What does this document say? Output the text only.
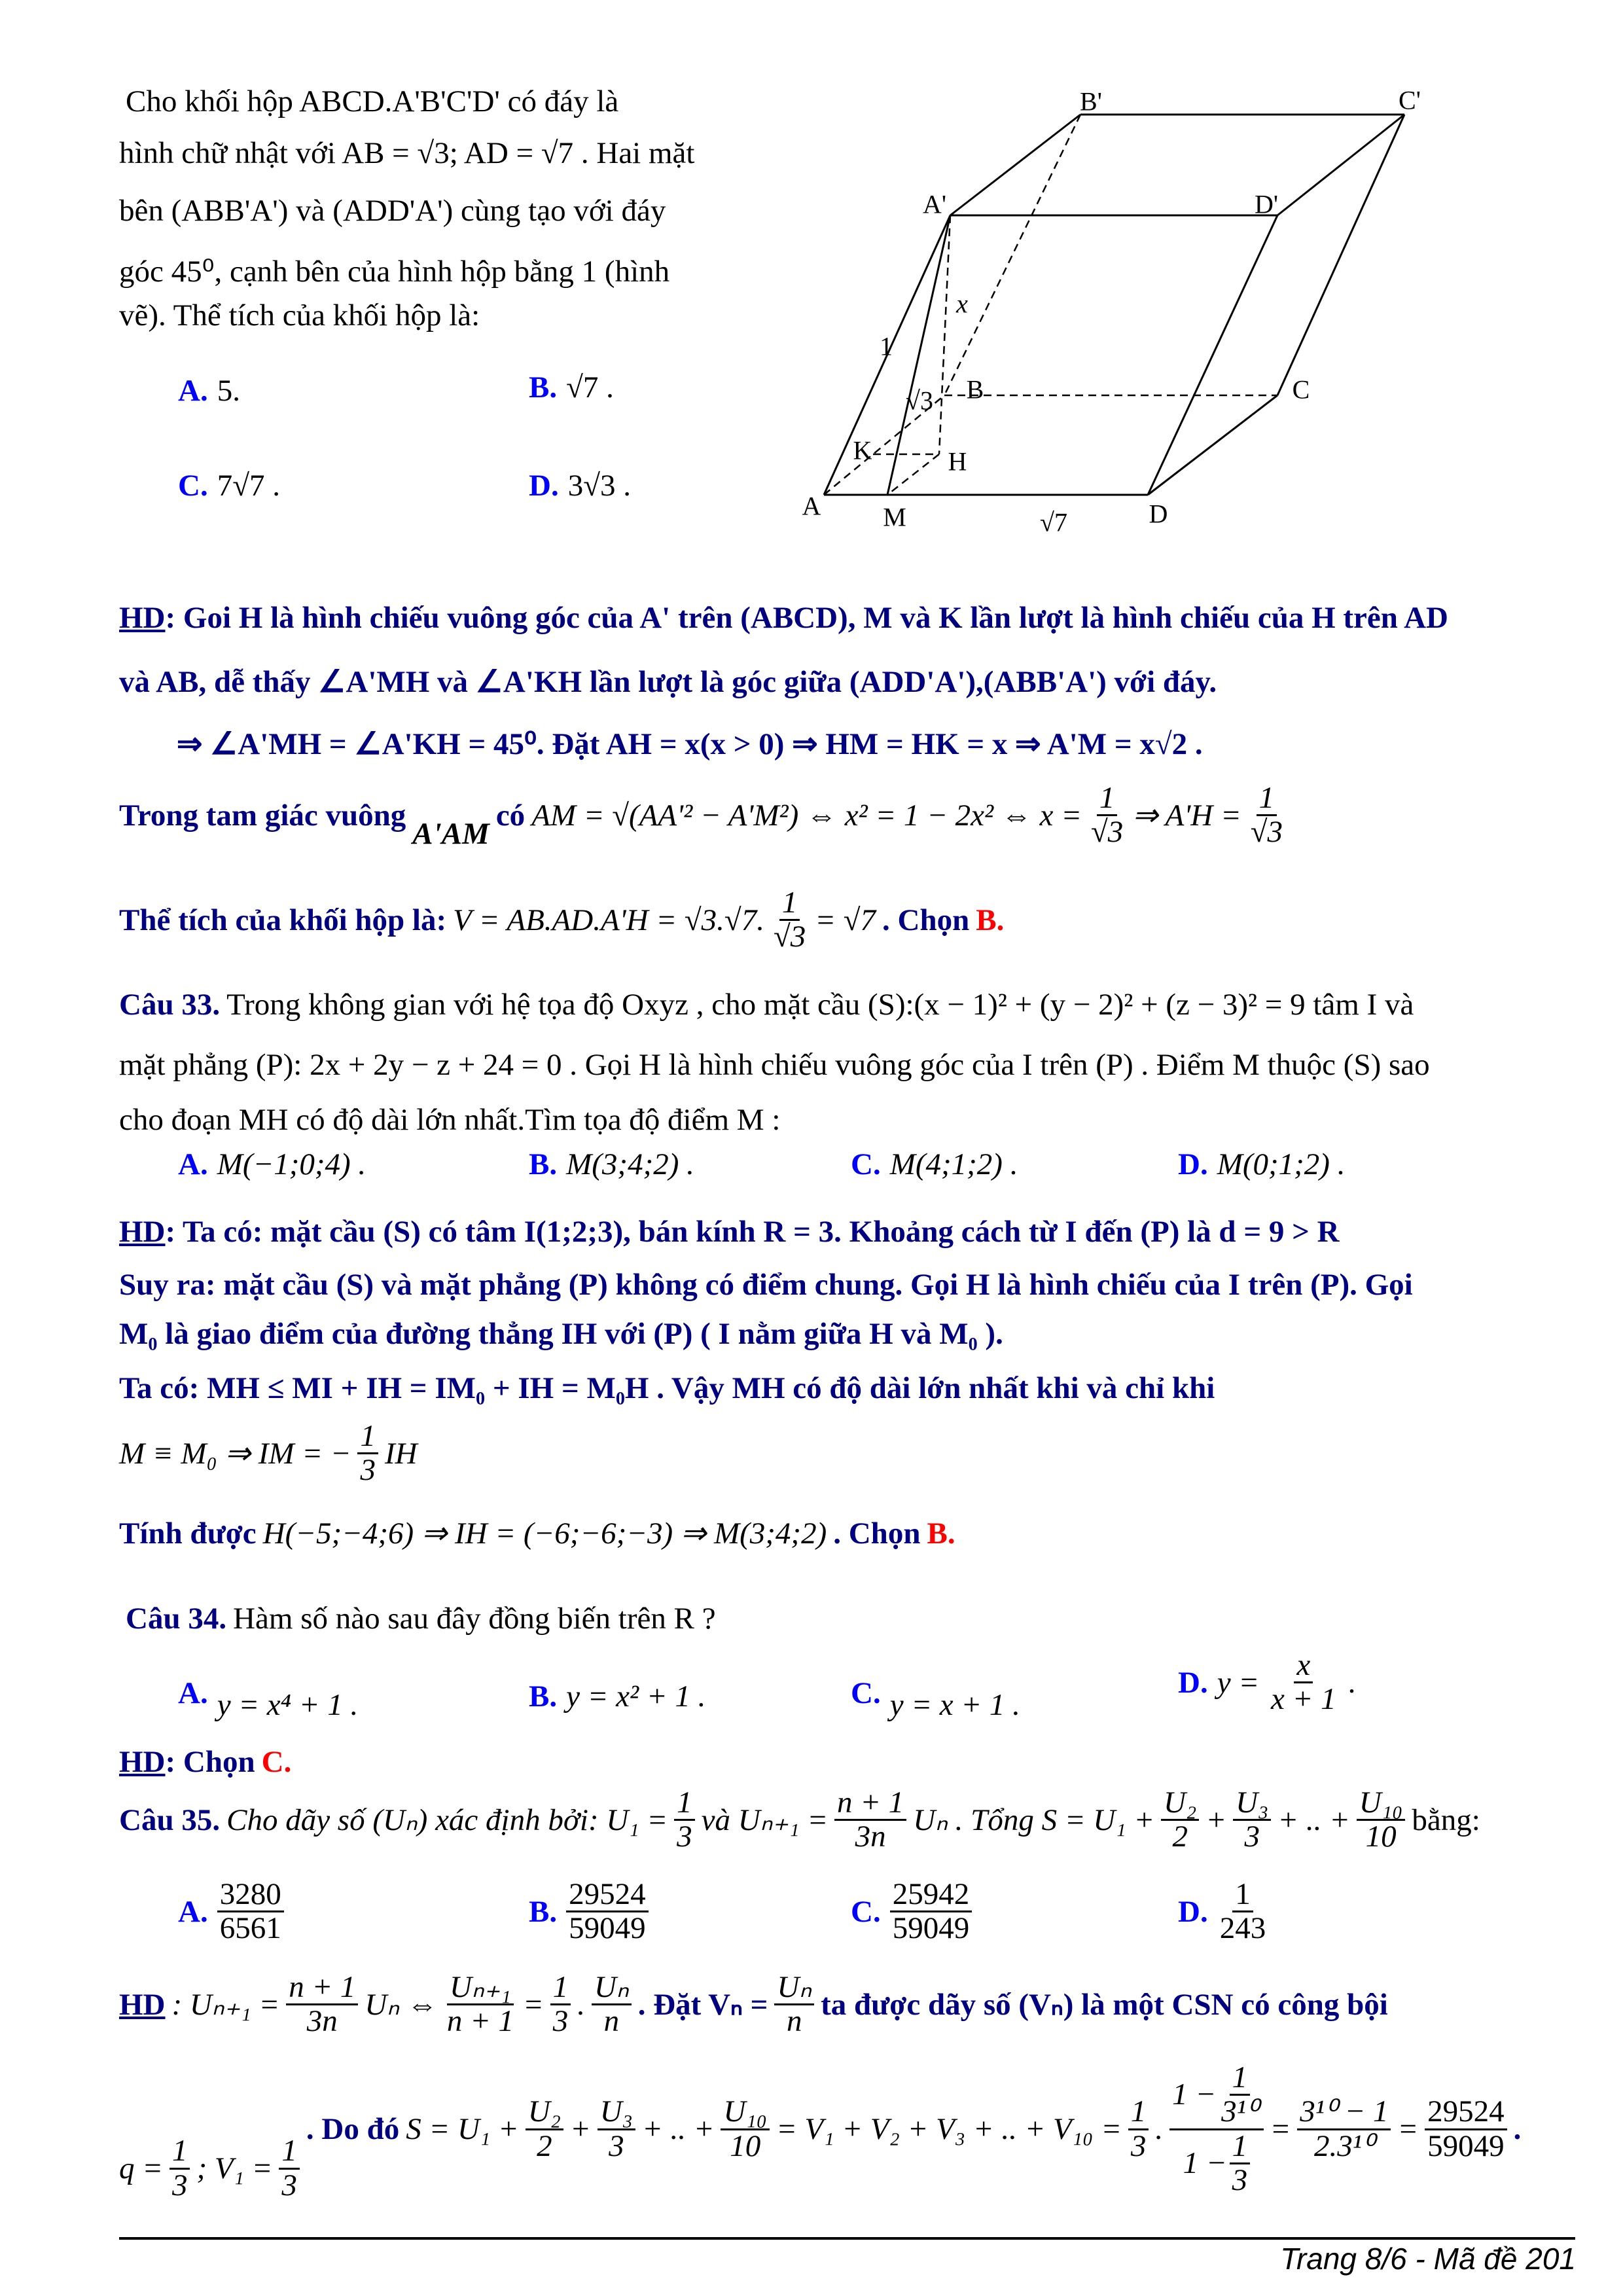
Cho khối hộp ABCD.A'B'C'D' có đáy là
hình chữ nhật với AB = √3; AD = √7 . Hai mặt
bên (ABB'A') và (ADD'A') cùng tạo với đáy
góc 45⁰, cạnh bên của hình hộp bằng 1 (hình
vẽ). Thể tích của khối hộp là:
A. 5.	B. √7 .
C. 7√7 .	D. 3√3 .
A'
B'	C'
D'
B	C
H
K
A M	D
√7
√3
x
1
HD: Goi H là hình chiếu vuông góc của A' trên (ABCD), M và K lần lượt là hình chiếu của H trên AD
và AB, dễ thấy ∠A'MH và ∠A'KH lần lượt là góc giữa (ADD'A'),(ABB'A') với đáy.
⇒ ∠A'MH = ∠A'KH = 45⁰. Đặt AH = x(x > 0) ⇒ HM = HK = x ⇒ A'M = x√2 .
Trong tam giác vuông
A'AM
có AM = √(AA'² − A'M²) ⇔ x² = 1 − 2x² ⇔ $x = \frac{1}{√3}$ ⇒ $A'H = \frac{1}{√3}$
Thể tích của khối hộp là: V = AB.AD.A'H = √3.√7. $\frac{1}{√3} = √7$ . Chọn B.
Câu 33. Trong không gian với hệ tọa độ Oxyz , cho mặt cầu (S):(x − 1)² + (y − 2)² + (z − 3)² = 9 tâm I và
mặt phẳng (P): 2x + 2y − z + 24 = 0 . Gọi H là hình chiếu vuông góc của I trên (P) . Điểm M thuộc (S) sao
cho đoạn MH có độ dài lớn nhất.Tìm tọa độ điểm M :
A. M(−1;0;4) .	B. M(3;4;2) .	C. M(4;1;2) .	D. M(0;1;2) .
HD: Ta có: mặt cầu (S) có tâm I(1;2;3), bán kính R = 3. Khoảng cách từ I đến (P) là d = 9 > R
Suy ra: mặt cầu (S) và mặt phẳng (P) không có điểm chung. Gọi H là hình chiếu của I trên (P). Gọi
M₀ là giao điểm của đường thẳng IH với (P) ( I nằm giữa H và M₀ ).
Ta có: MH ≤ MI + IH = IM₀ + IH = M₀H . Vậy MH có độ dài lớn nhất khi và chỉ khi
M ≡ M₀ ⇒ IM = − $\frac{1}{3}$ IH
Tính được H(−5;−4;6) ⇒ IH = (−6;−6;−3) ⇒ M(3;4;2) . Chọn B.
Câu 34. Hàm số nào sau đây đồng biến trên R ?
A. y = x⁴ + 1 .	B. y = x² + 1 .	C. y = x + 1 .
D. $y = \frac{x}{x + 1}$ .
HD: Chọn C.
Câu 35. Cho dãy số (Uₙ) xác định bởi: $U_1 = \frac{1}{3}$ và $U_{n+1} = \frac{n + 1}{3n}$ Uₙ . Tổng $S = U_1 + \frac{\text{U₂}}{2} + \frac{\text{U₃}}{3}$ + .. + $\frac{\text{U₁₀}}{10}$ bằng:
A.
3280
6561	B.
29524
59049	C.
25942
59049	D.
1
243
HD : $U_{n+1} = \frac{n + 1}{3n}$ Uₙ ⇔ $\frac{\text{Uₙ₊₁}}{n + 1} = \frac{1}{3}$ .
Uₙ
n . Đặt $V_n = \frac{\text{Uₙ}}{n}$ ta được dãy số (Vₙ) là một CSN có công bội
$q = \frac{1}{3}$ ; $V_1 = \frac{1}{3}$
. Do đó $S = U_1 + \frac{\text{U₂}}{2} + \frac{\text{U₃}}{3}$ + .. + $\frac{\text{U₁₀}}{10} = V_1 + V_2 + V_3$ + .. + $V_{10} = \frac{1}{3}$ . $\frac{1 - \frac{1}{\text{3¹⁰}}}{1 - \frac{1}{3}} = \frac{\text{3¹⁰ − 1}}{\text{2.3¹⁰}} = \frac{29524}{59049}$ .
Trang 8/6 - Mã đề 201
